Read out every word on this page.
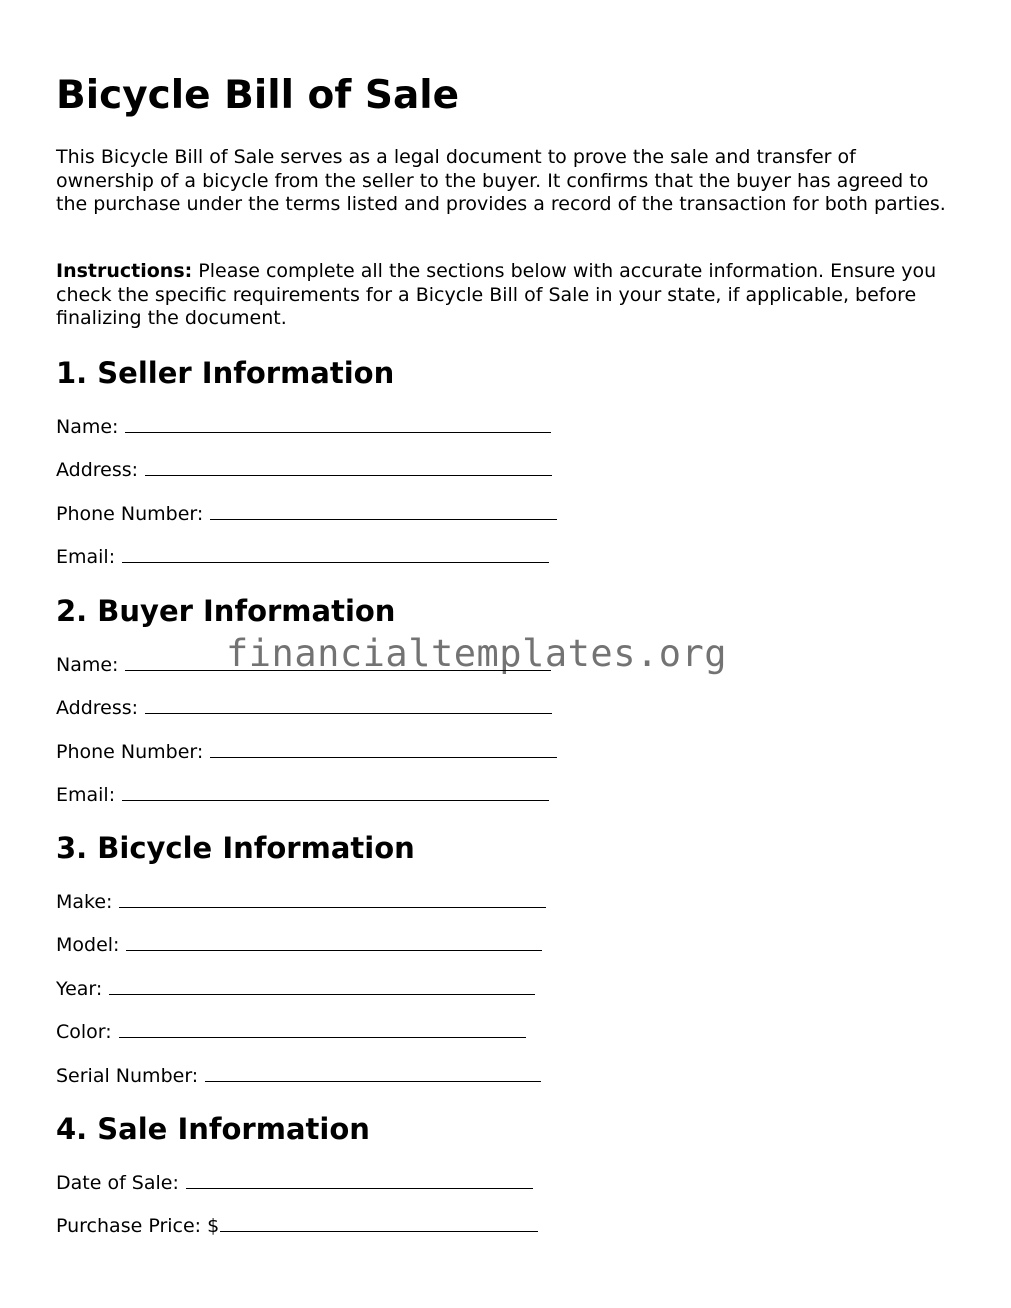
Bicycle Bill of Sale

This Bicycle Bill of Sale serves as a legal document to prove the sale and transfer of ownership of a bicycle from the seller to the buyer. It confirms that the buyer has agreed to the purchase under the terms listed and provides a record of the transaction for both parties.

Instructions: Please complete all the sections below with accurate information. Ensure you check the specific requirements for a Bicycle Bill of Sale in your state, if applicable, before finalizing the document.

1. Seller Information
Name:
Address:
Phone Number:
Email:
2. Buyer Information
Name:
Address:
Phone Number:
Email:
3. Bicycle Information
Make:
Model:
Year:
Color:
Serial Number:
4. Sale Information
Date of Sale:
Purchase Price: $
financialtemplates.org
